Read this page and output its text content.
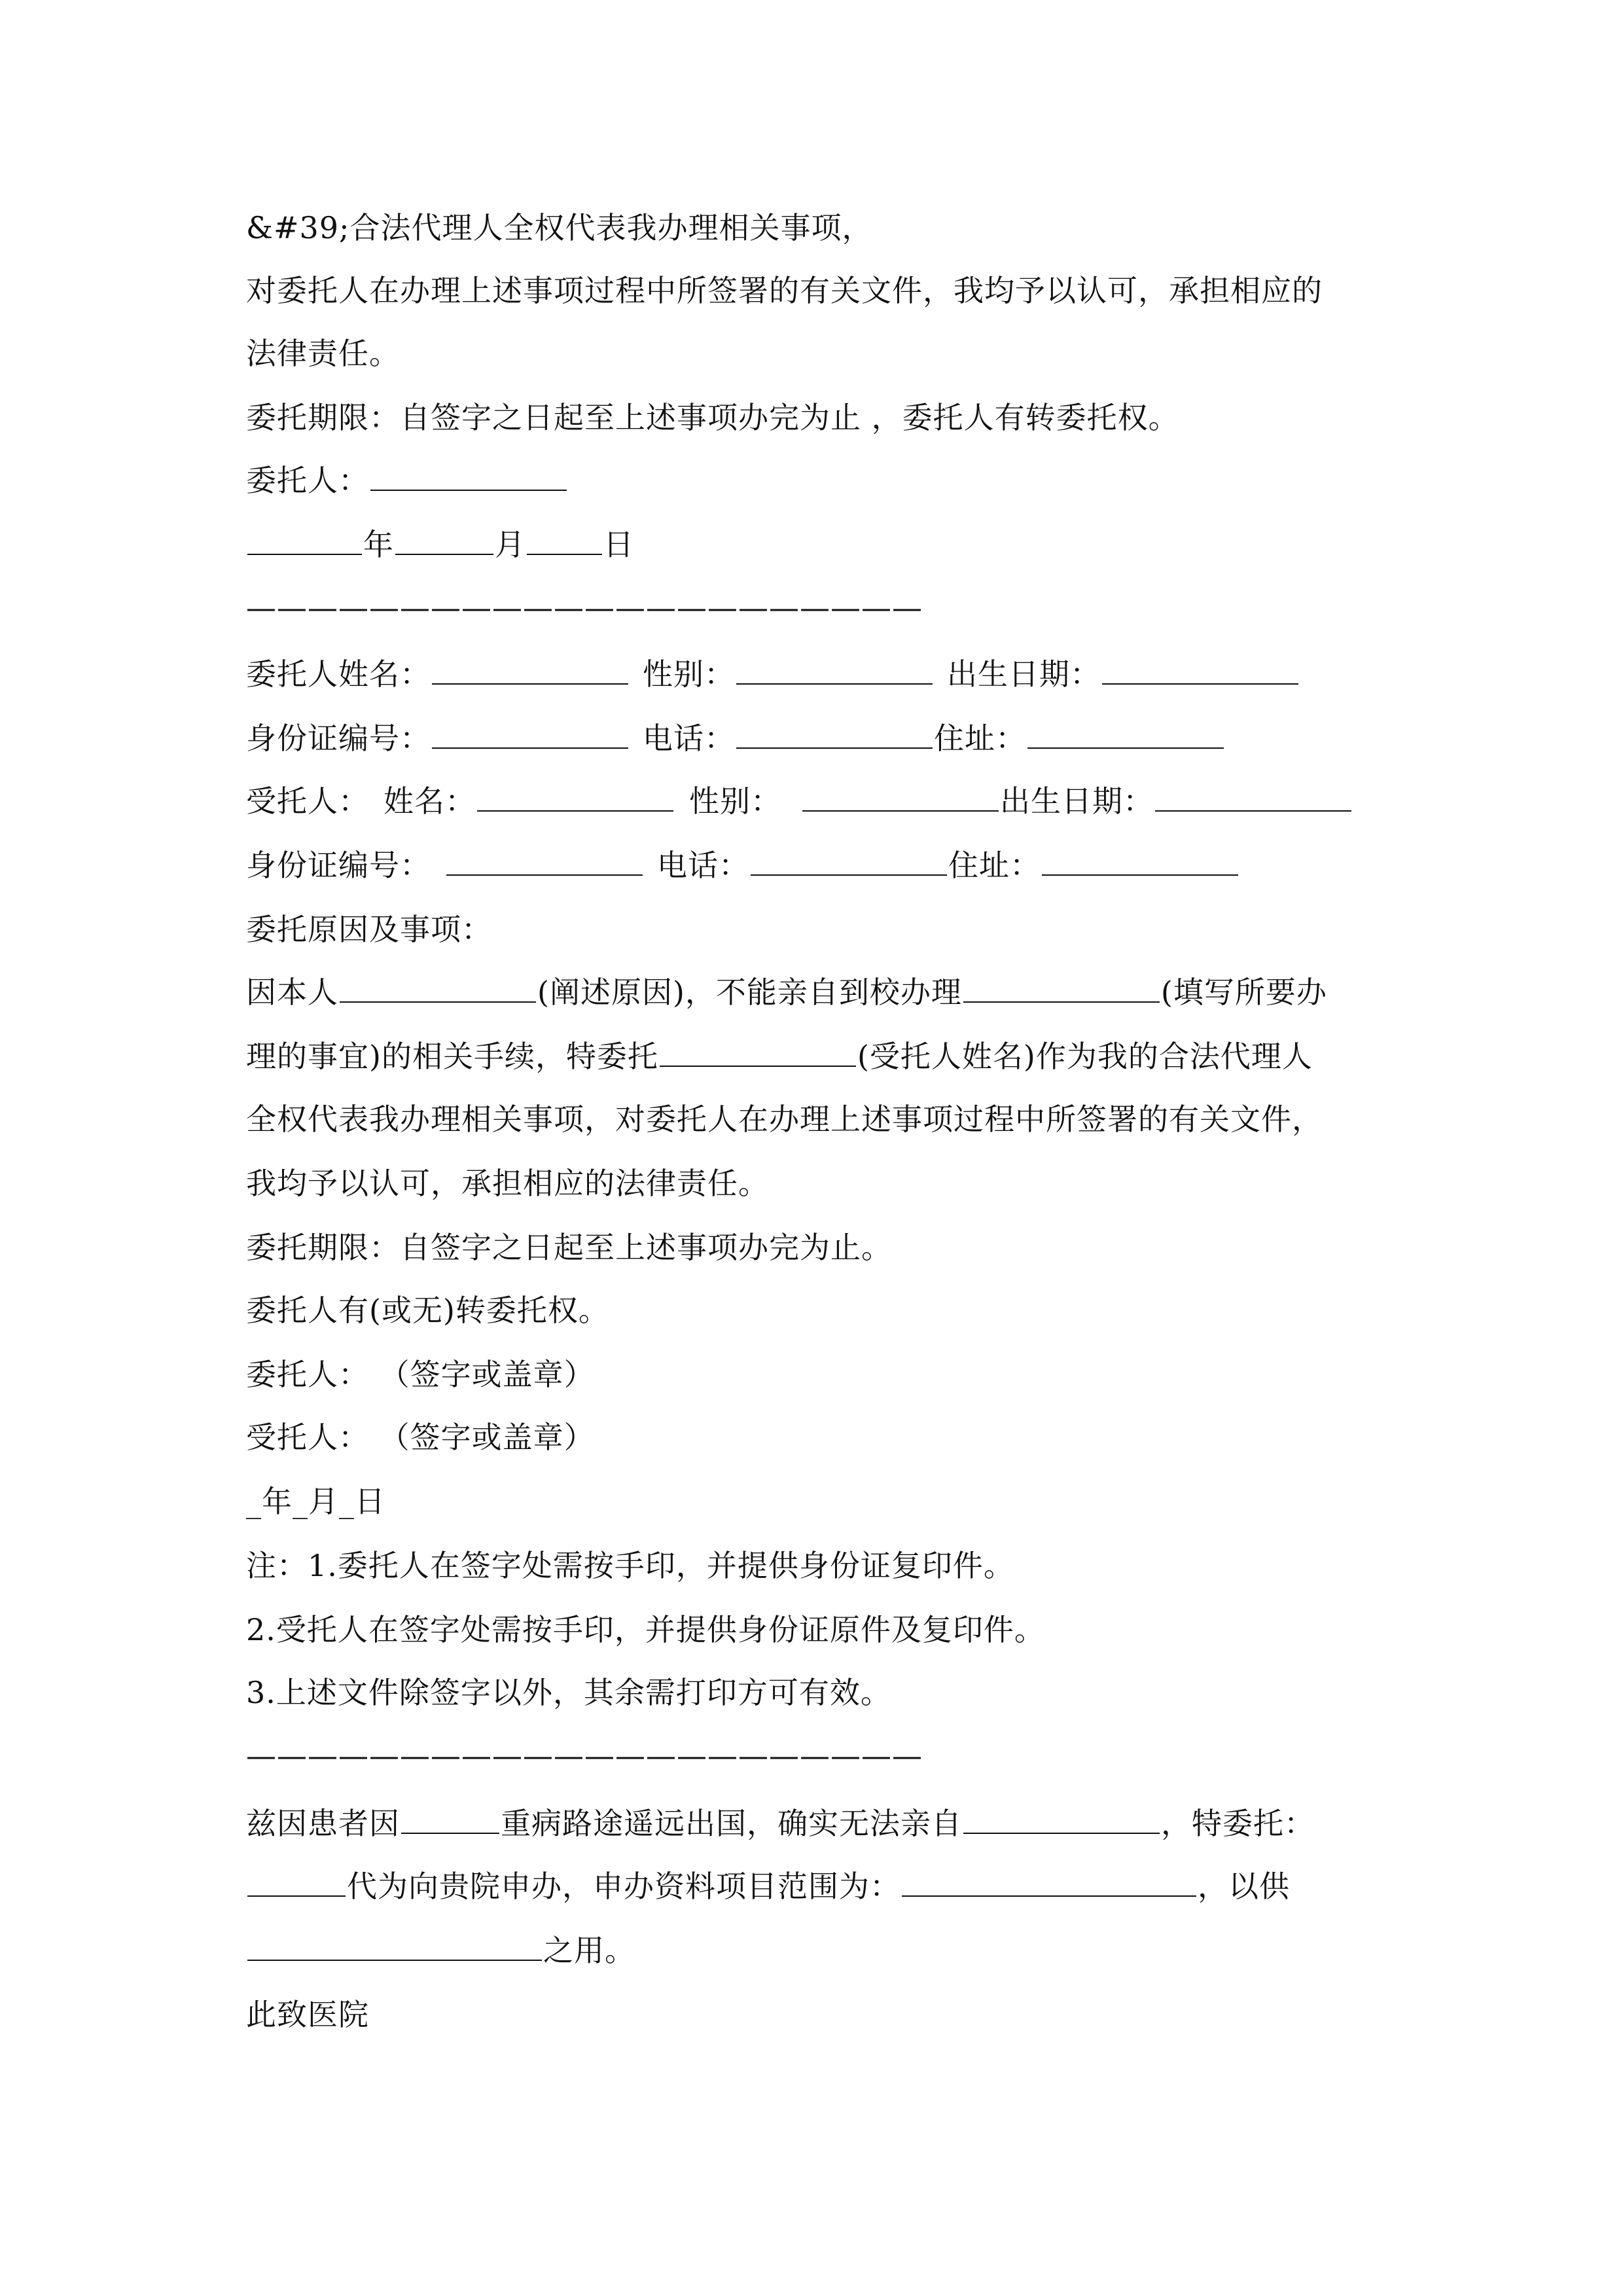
&#39;合法代理人全权代表我办理相关事项，

对委托人在办理上述事项过程中所签署的有关文件，我均予以认可，承担相应的

法律责任。

委托期限：自签字之日起至上述事项办完为止 ，委托人有转委托权。

委托人：

年	月	日

——————————————————————

委托人姓名：	性别：	出生日期：

身份证编号：	电话：	住址：

受托人： 姓名：	性别：	出生日期：

身份证编号：	电话：	住址：

委托原因及事项：

因本人	(阐述原因)，不能亲自到校办理	(填写所要办

理的事宜)的相关手续，特委托	(受托人姓名)作为我的合法代理人

全权代表我办理相关事项，对委托人在办理上述事项过程中所签署的有关文件，

我均予以认可，承担相应的法律责任。

委托期限：自签字之日起至上述事项办完为止。

委托人有(或无)转委托权。

委托人： （签字或盖章）

受托人： （签字或盖章）

_年_月_日

注：1.委托人在签字处需按手印，并提供身份证复印件。

2.受托人在签字处需按手印，并提供身份证原件及复印件。

3.上述文件除签字以外，其余需打印方可有效。

——————————————————————

兹因患者因	重病路途遥远出国，确实无法亲自	，特委托：

代为向贵院申办，申办资料项目范围为：	，以供

之用。

此致医院
